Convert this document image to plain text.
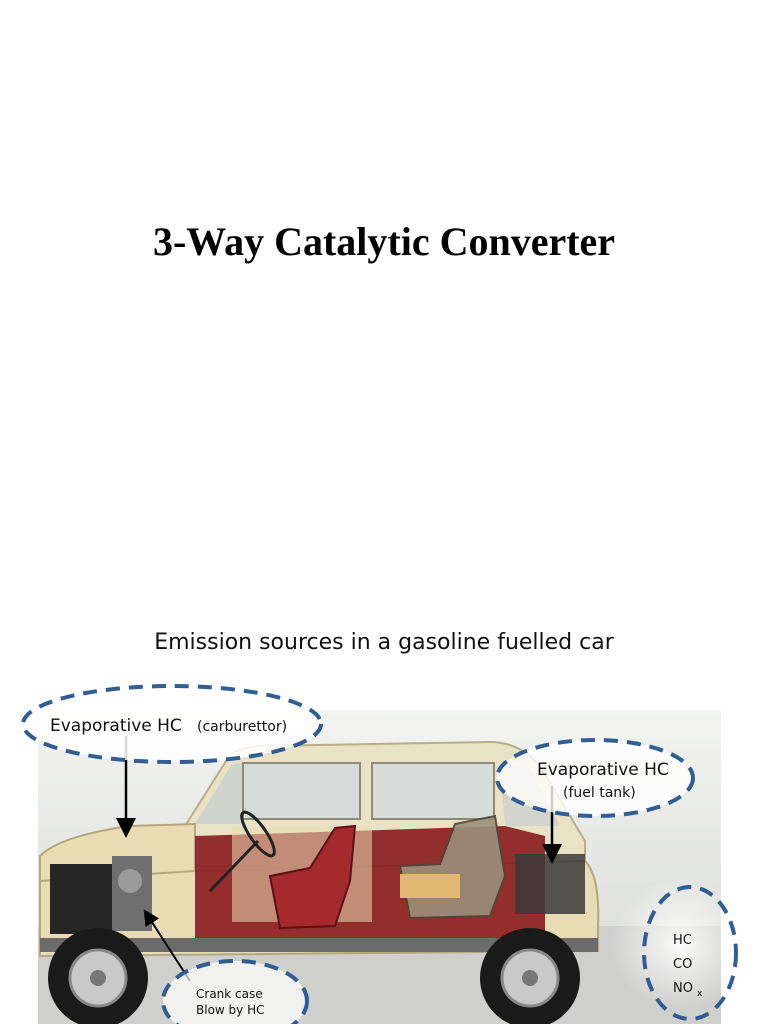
3-Way Catalytic Converter

Emission sources in a gasoline fuelled car

Evaporative HC (carburettor)
Evaporative HC
(fuel tank)
Crank case
Blow by HC
HC
CO
NO x
